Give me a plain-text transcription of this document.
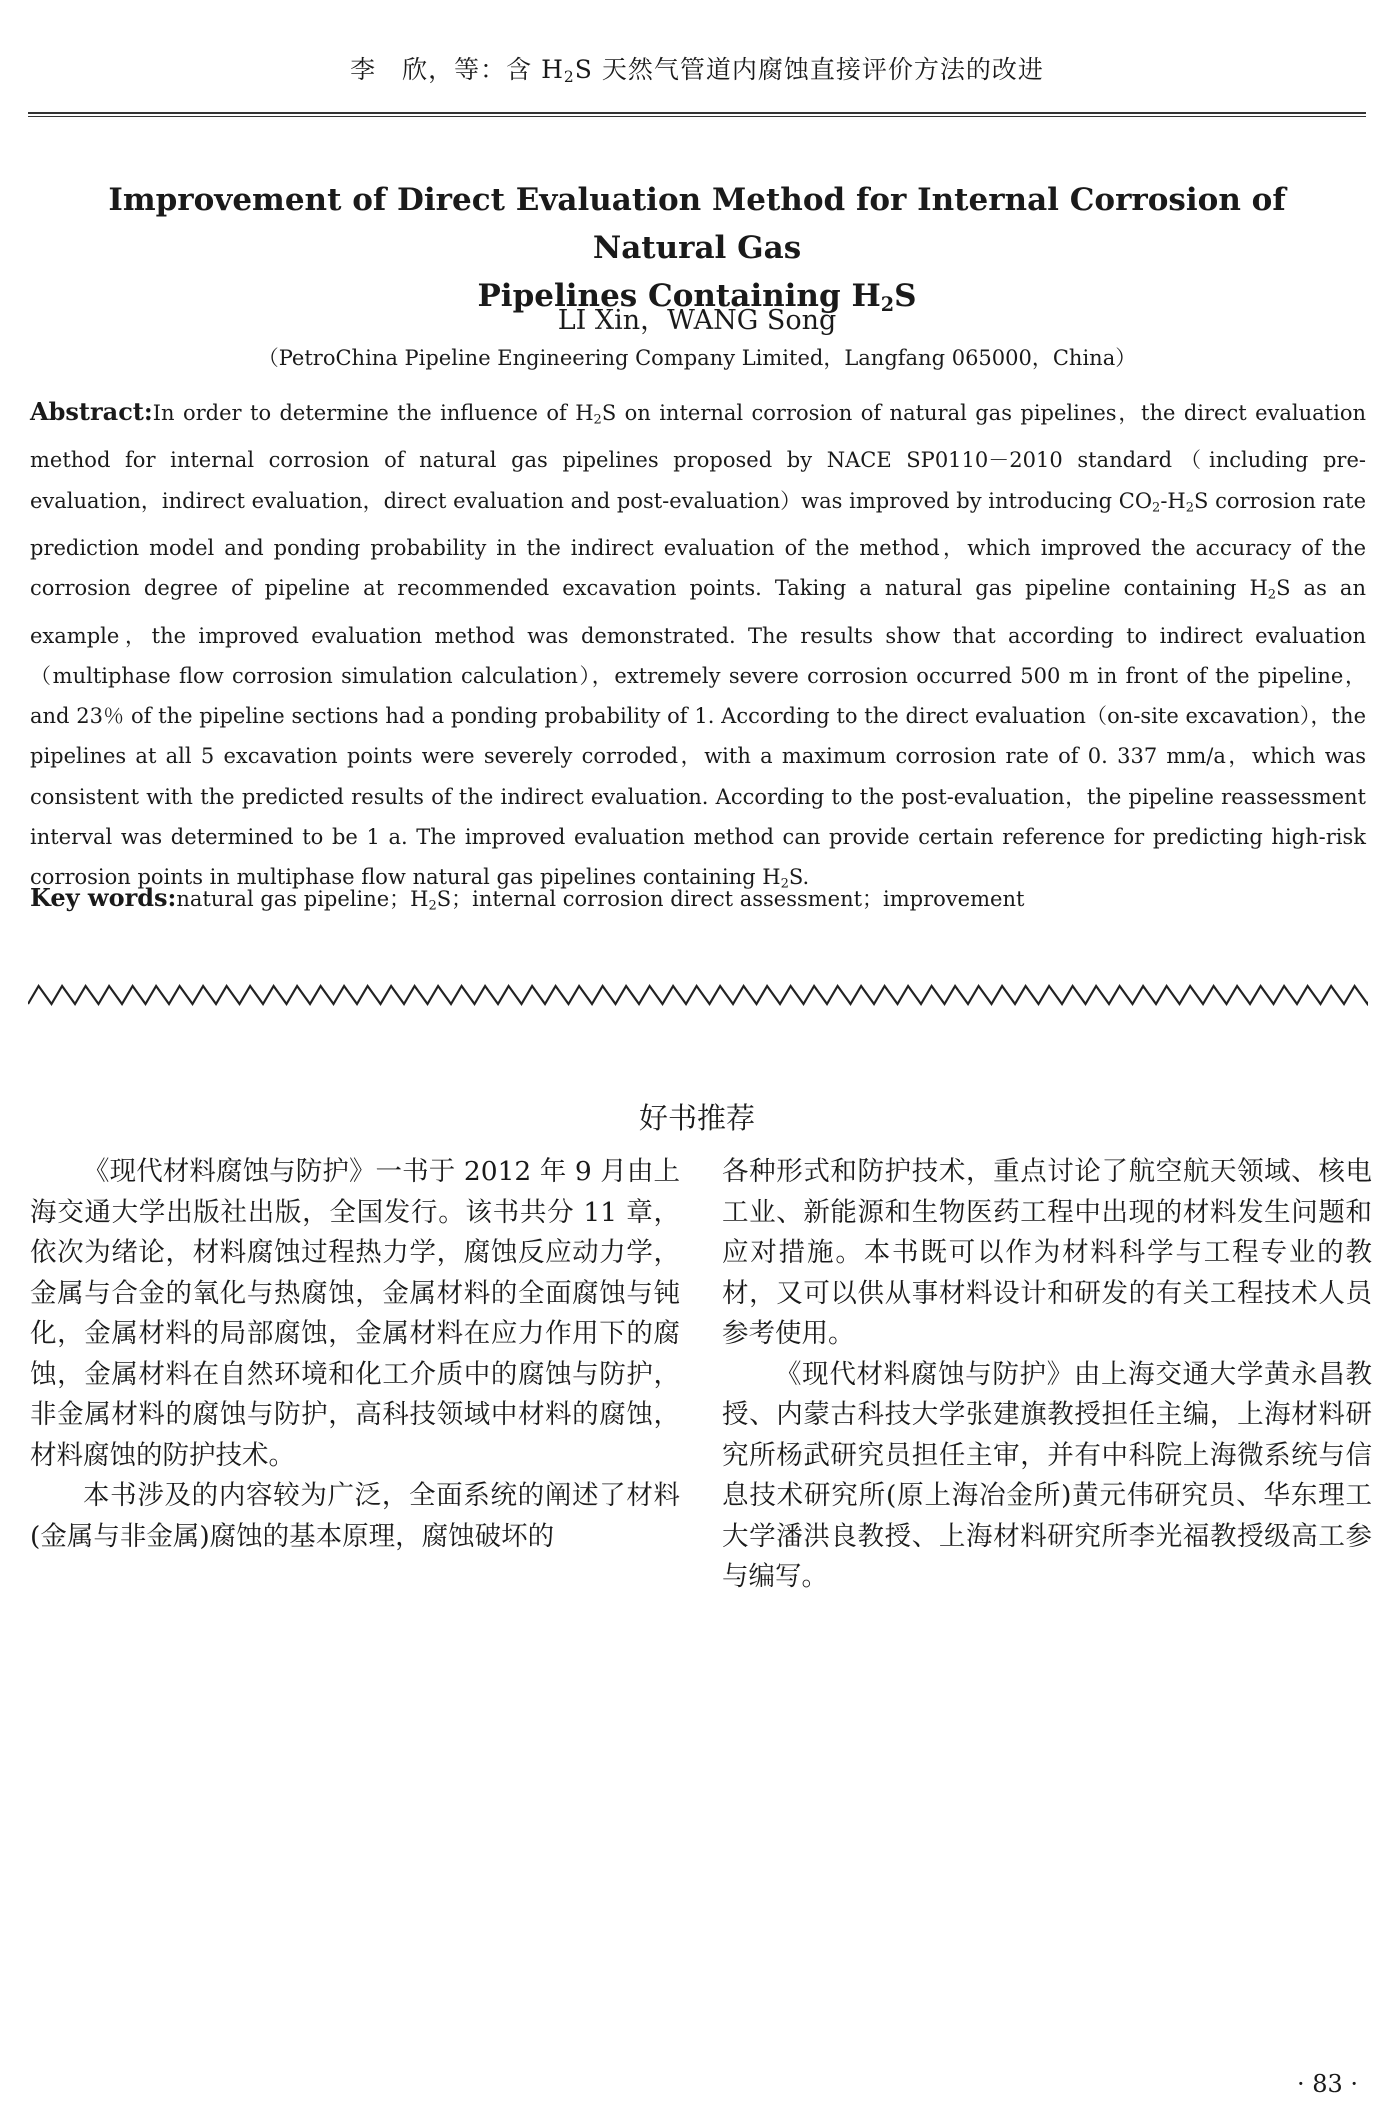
李　欣，等：含 $H_2S$ 天然气管道内腐蚀直接评价方法的改进
Improvement of Direct Evaluation Method for Internal Corrosion of Natural Gas
Pipelines Containing $H_2S$
LI Xin，WANG Song
（PetroChina Pipeline Engineering Company Limited，Langfang 065000，China）
Abstract:In order to determine the influence of $H_2S$ on internal corrosion of natural gas pipelines，the direct evaluation method for internal corrosion of natural gas pipelines proposed by NACE SP0110－2010 standard（including pre-evaluation，indirect evaluation，direct evaluation and post-evaluation）was improved by introducing $CO_2-H_2S$ corrosion rate prediction model and ponding probability in the indirect evaluation of the method，which improved the accuracy of the corrosion degree of pipeline at recommended excavation points. Taking a natural gas pipeline containing $H_2S$ as an example，the improved evaluation method was demonstrated. The results show that according to indirect evaluation（multiphase flow corrosion simulation calculation），extremely severe corrosion occurred 500 m in front of the pipeline，and 23％ of the pipeline sections had a ponding probability of 1. According to the direct evaluation（on-site excavation），the pipelines at all 5 excavation points were severely corroded，with a maximum corrosion rate of 0. 337 mm/a，which was consistent with the predicted results of the indirect evaluation. According to the post-evaluation，the pipeline reassessment interval was determined to be 1 a. The improved evaluation method can provide certain reference for predicting high-risk corrosion points in multiphase flow natural gas pipelines containing $H_2S$.
Key words:natural gas pipeline；$H_2S$；internal corrosion direct assessment；improvement
好书推荐

《现代材料腐蚀与防护》一书于 2012 年 9 月由上海交通大学出版社出版，全国发行。该书共分 11 章，依次为绪论，材料腐蚀过程热力学，腐蚀反应动力学，金属与合金的氧化与热腐蚀，金属材料的全面腐蚀与钝化，金属材料的局部腐蚀，金属材料在应力作用下的腐蚀，金属材料在自然环境和化工介质中的腐蚀与防护，非金属材料的腐蚀与防护，高科技领域中材料的腐蚀，材料腐蚀的防护技术。

本书涉及的内容较为广泛，全面系统的阐述了材料(金属与非金属)腐蚀的基本原理，腐蚀破坏的

各种形式和防护技术，重点讨论了航空航天领域、核电工业、新能源和生物医药工程中出现的材料发生问题和应对措施。本书既可以作为材料科学与工程专业的教材，又可以供从事材料设计和研发的有关工程技术人员参考使用。

《现代材料腐蚀与防护》由上海交通大学黄永昌教授、内蒙古科技大学张建旗教授担任主编，上海材料研究所杨武研究员担任主审，并有中科院上海微系统与信息技术研究所(原上海冶金所)黄元伟研究员、华东理工大学潘洪良教授、上海材料研究所李光福教授级高工参与编写。

· 83 ·
